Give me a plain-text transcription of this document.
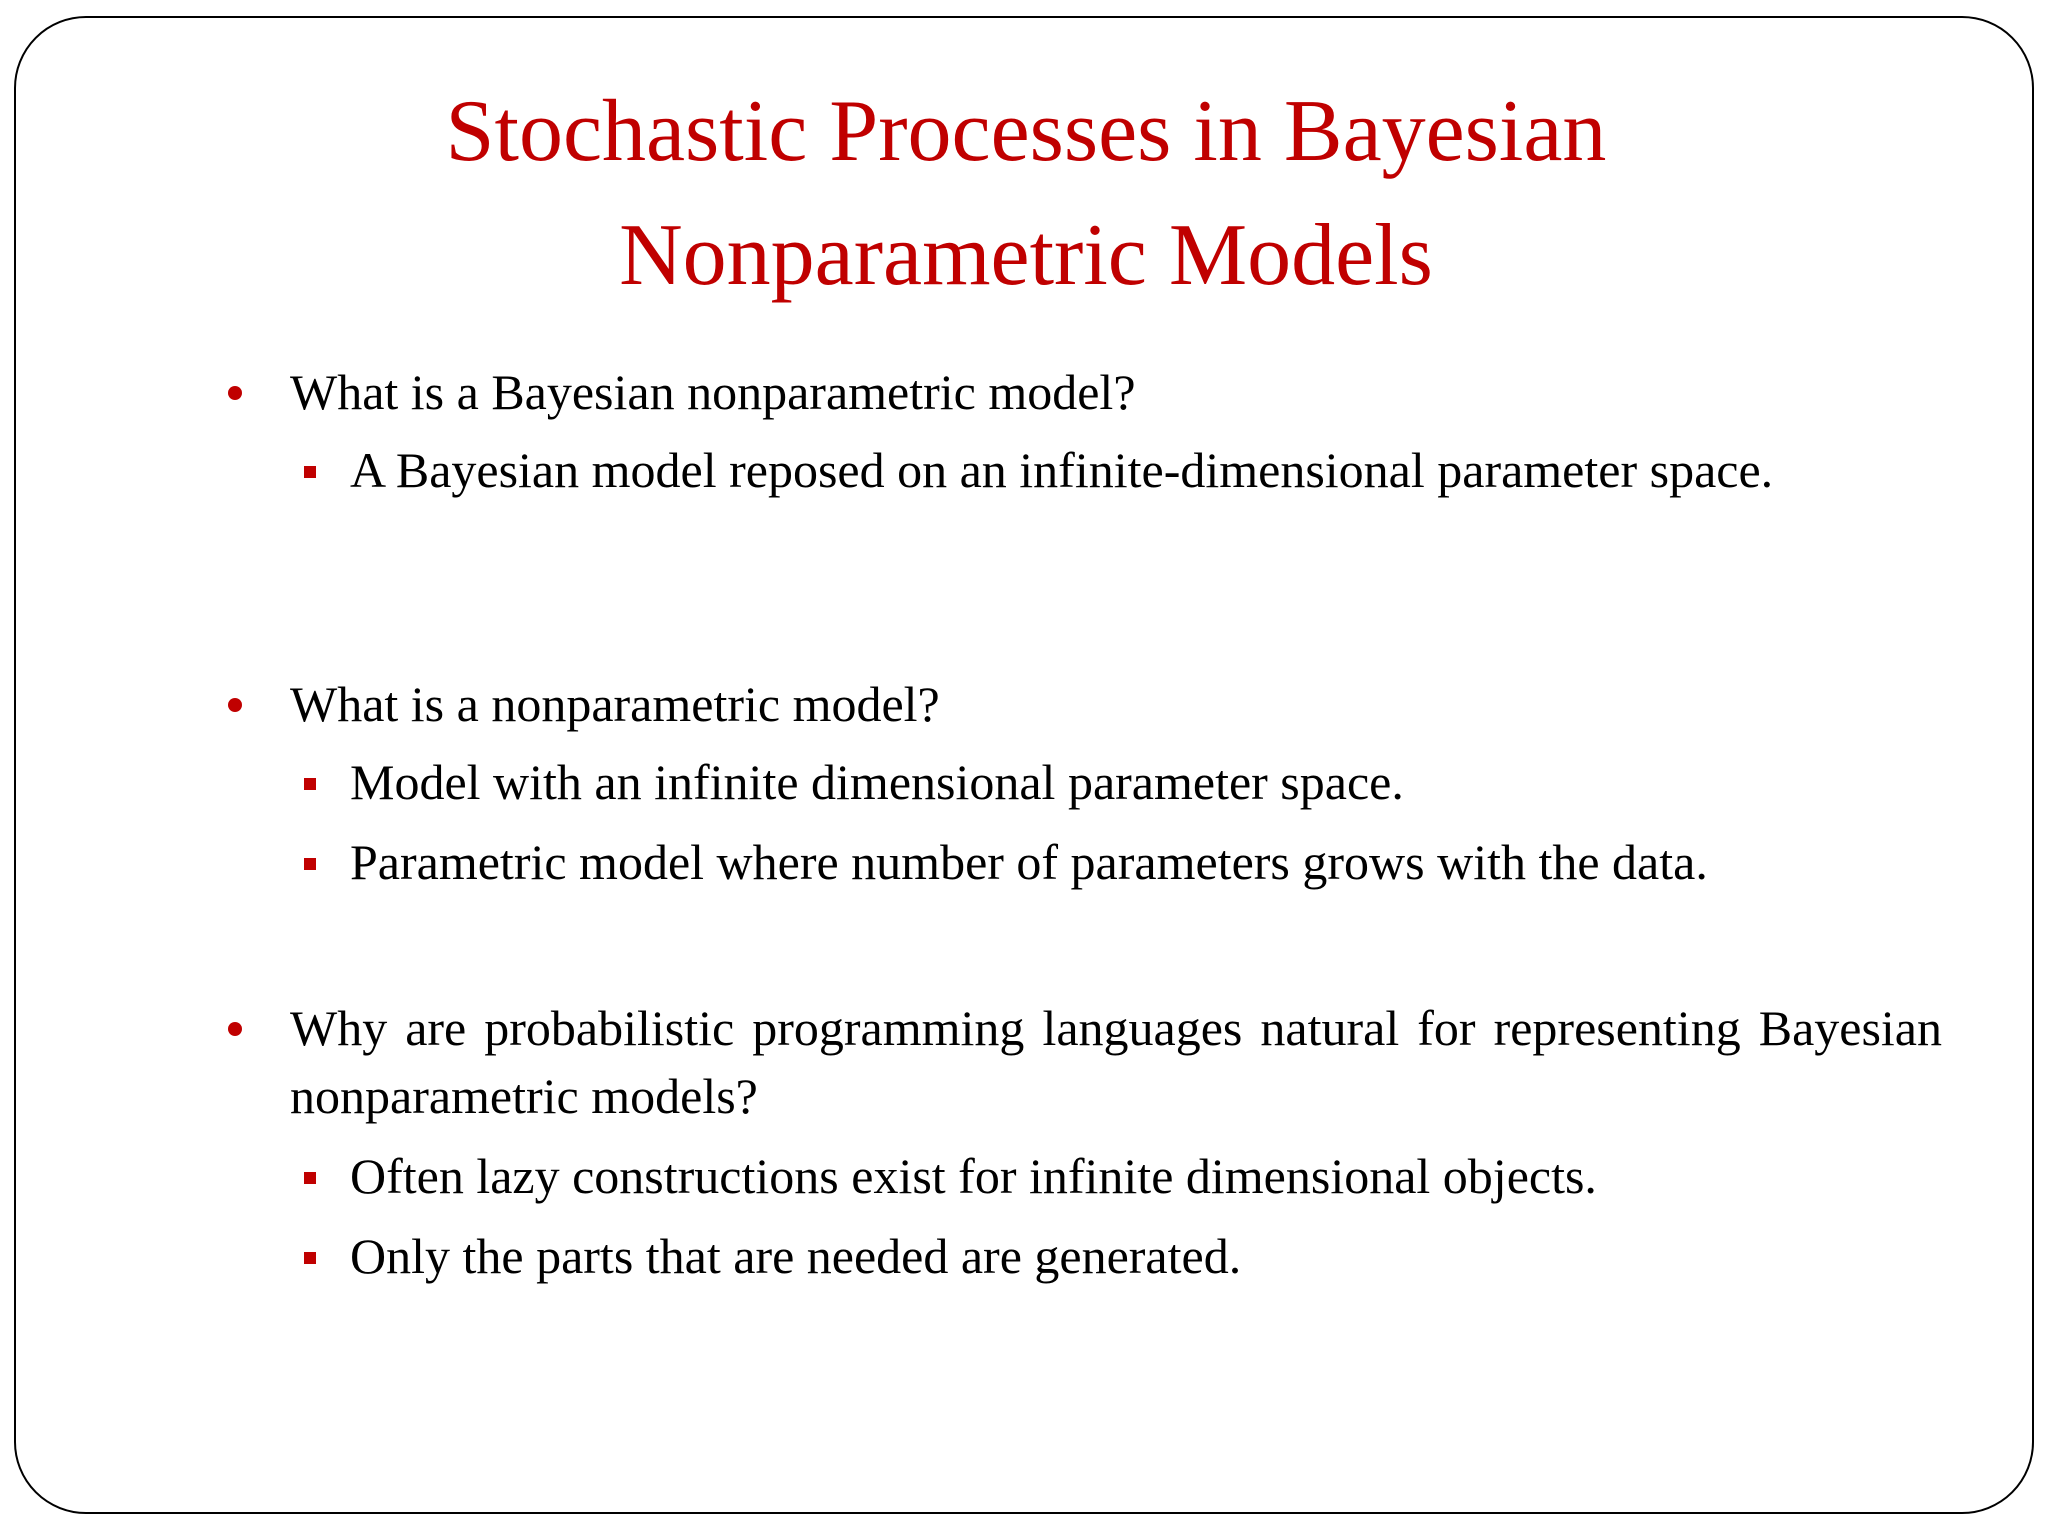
Stochastic Processes in Bayesian
Nonparametric Models
What is a Bayesian nonparametric model?
A Bayesian model reposed on an infinite-dimensional parameter space.
What is a nonparametric model?
Model with an infinite dimensional parameter space.
Parametric model where number of parameters grows with the data.
Why are probabilistic programming languages natural for representing Bayesian nonparametric models?
Often lazy constructions exist for infinite dimensional objects.
Only the parts that are needed are generated.
